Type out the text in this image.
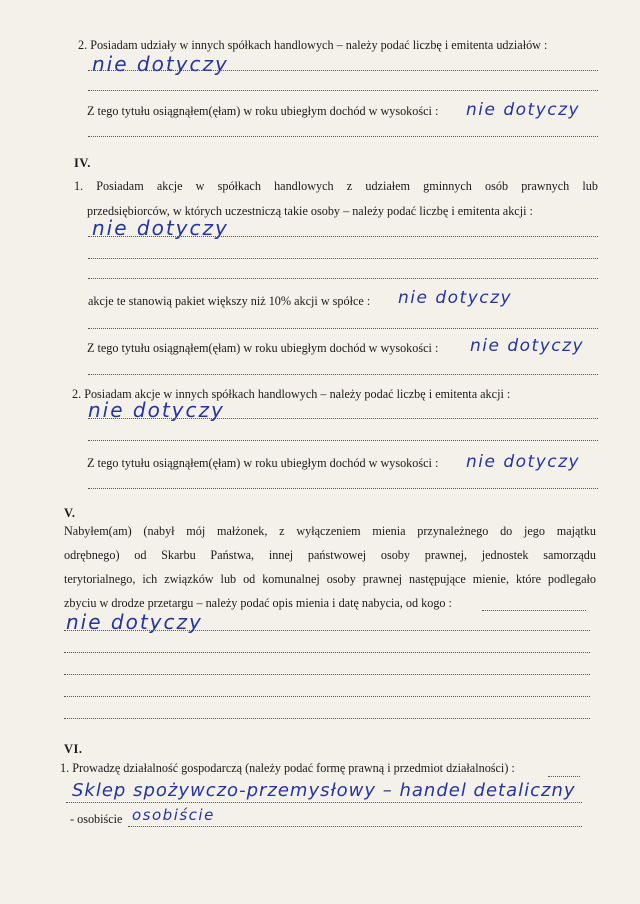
2. Posiadam udziały w innych spółkach handlowych – należy podać liczbę i emitenta udziałów :
nie dotyczy
Z tego tytułu osiągnąłem(ęłam) w roku ubiegłym dochód w wysokości : nie dotyczy
IV.
1. Posiadam akcje w spółkach handlowych z udziałem gminnych osób prawnych lub
przedsiębiorców, w których uczestniczą takie osoby – należy podać liczbę i emitenta akcji :
nie dotyczy
akcje te stanowią pakiet większy niż 10% akcji w spółce : nie dotyczy
Z tego tytułu osiągnąłem(ęłam) w roku ubiegłym dochód w wysokości : nie dotyczy
2. Posiadam akcje w innych spółkach handlowych – należy podać liczbę i emitenta akcji :
nie dotyczy
Z tego tytułu osiągnąłem(ęłam) w roku ubiegłym dochód w wysokości : nie dotyczy
V.
Nabyłem(am) (nabył mój małżonek, z wyłączeniem mienia przynależnego do jego majątku
odrębnego) od Skarbu Państwa, innej państwowej osoby prawnej, jednostek samorządu
terytorialnego, ich związków lub od komunalnej osoby prawnej następujące mienie, które podlegało
zbyciu w drodze przetargu – należy podać opis mienia i datę nabycia, od kogo :
nie dotyczy
VI.
1. Prowadzę działalność gospodarczą (należy podać formę prawną i przedmiot działalności) :
Sklep spożywczo-przemysłowy – handel detaliczny
- osobiście osobiście
